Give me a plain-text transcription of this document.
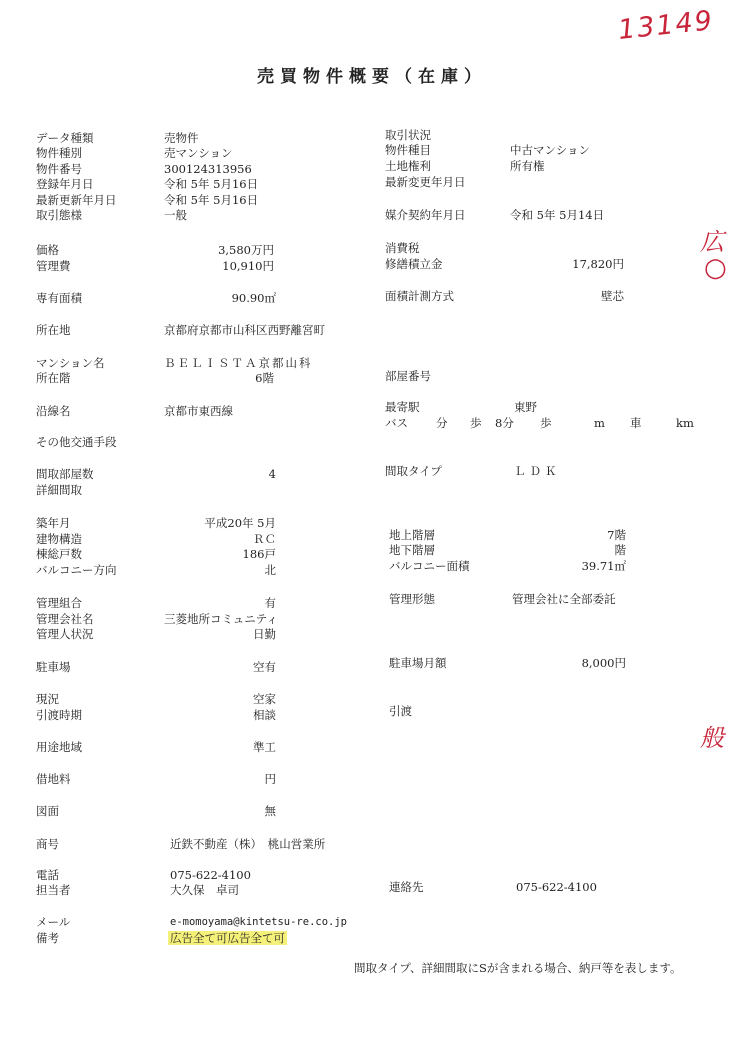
13149
広
○
般
売買物件概要（在庫）
データ種類
物件種別
物件番号
登録年月日
最新更新年月日
取引態様
価格
管理費
専有面積
所在地
マンション名
所在階
沿線名
その他交通手段
間取部屋数
詳細間取
築年月
建物構造
棟総戸数
バルコニー方向
管理組合
管理会社名
管理人状況
駐車場
現況
引渡時期
用途地域
借地料
図面
商号
電話
担当者
メール
備考
売物件
売マンション
300124313956
令和 5年 5月16日
令和 5年 5月16日
一般
3,580万円
10,910円
90.90㎡
京都府京都市山科区西野離宮町
ＢＥＬＩＳＴＡ京都山科
6階
京都市東西線
4
平成20年 5月
ＲＣ
186戸
北
有
三菱地所コミュニティ
日勤
空有
空家
相談
準工
円
無
近鉄不動産（株）　桃山営業所
075-622-4100
大久保　卓司
e-momoyama@kintetsu-re.co.jp
広告全て可広告全て可
取引状況
物件種目
土地権利
最新変更年月日
媒介契約年月日
消費税
修繕積立金
面積計測方式
部屋番号
最寄駅
間取タイプ
地上階層
地下階層
バルコニー面積
管理形態
駐車場月額
引渡
連絡先
中古マンション
所有権
令和 5年 5月14日
17,820円
壁芯
東野
バス 分 歩 8分 歩	m 車	km
ＬＤＫ
7階
階
39.71㎡
管理会社に全部委託
8,000円
075-622-4100
間取タイプ、詳細間取にSが含まれる場合、納戸等を表します。
